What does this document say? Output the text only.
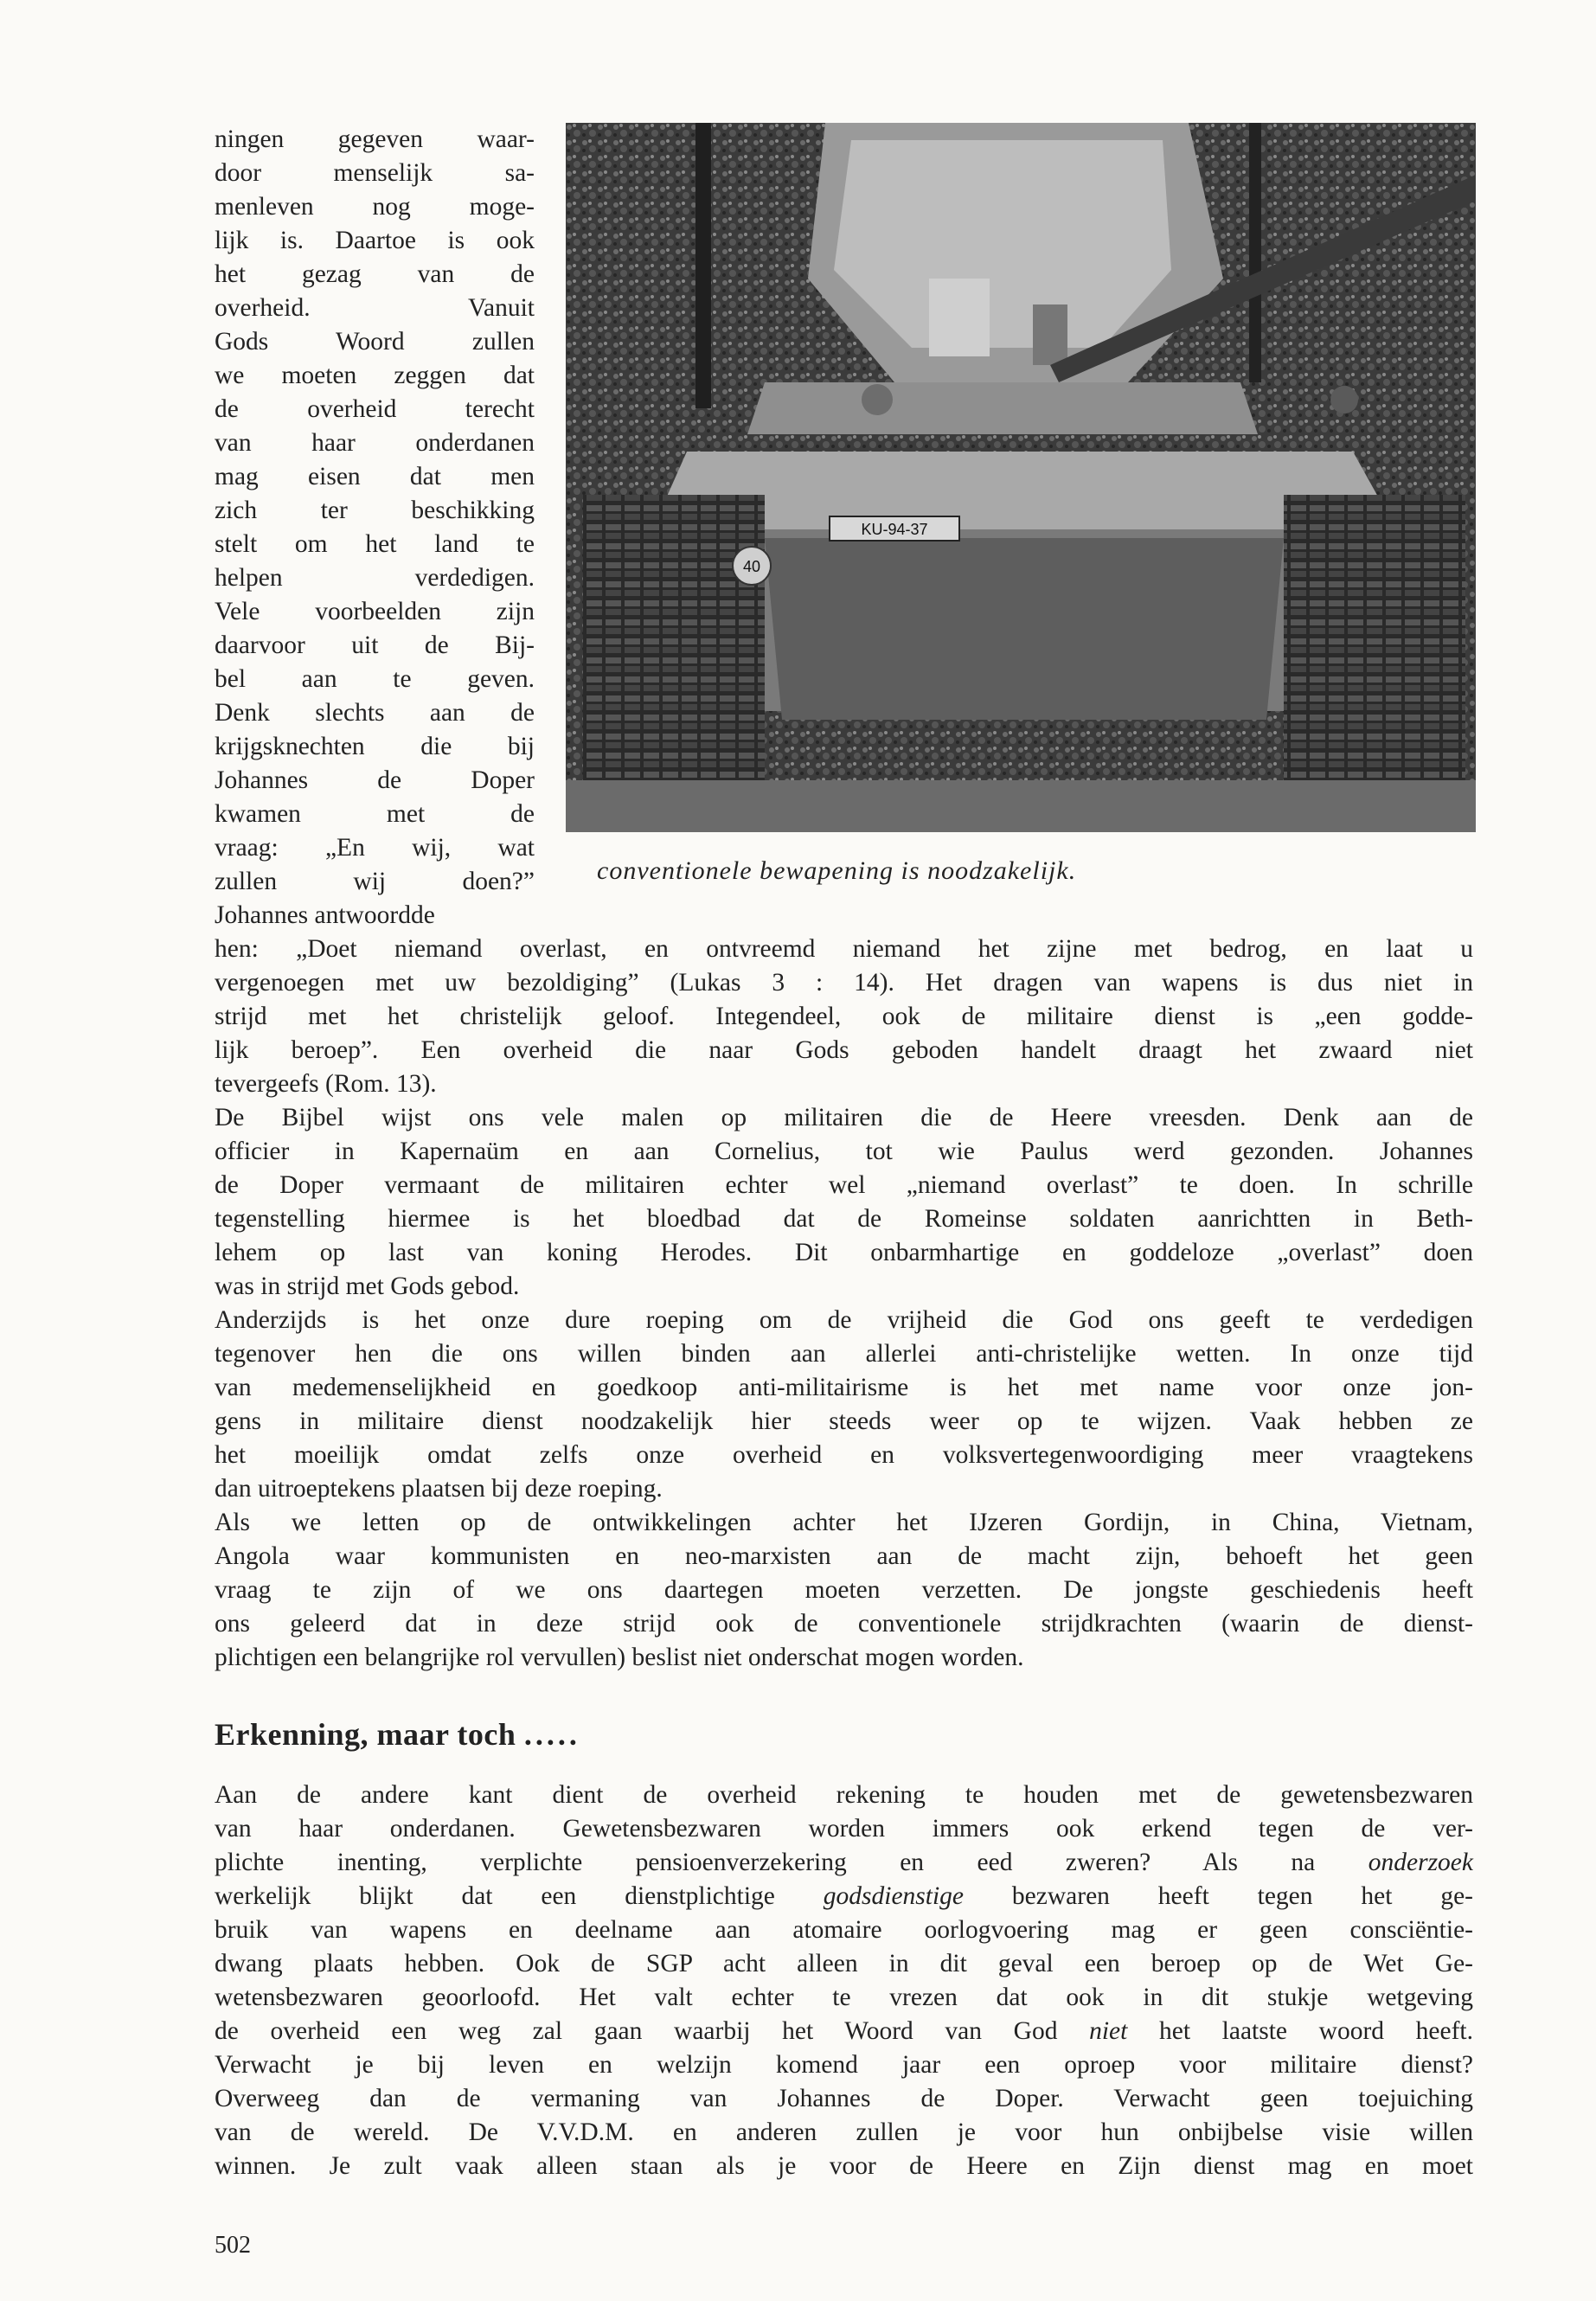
KU-94-37
40
conventionele bewapening is noodzakelijk.
ningen gegeven waar-
door menselijk sa-
menleven nog moge-
lijk is. Daartoe is ook
het gezag van de
overheid. Vanuit
Gods Woord zullen
we moeten zeggen dat
de overheid terecht
van haar onderdanen
mag eisen dat men
zich ter beschikking
stelt om het land te
helpen verdedigen.
Vele voorbeelden zijn
daarvoor uit de Bij-
bel aan te geven.
Denk slechts aan de
krijgsknechten die bij
Johannes de Doper
kwamen met de
vraag: „En wij, wat
zullen wij doen?”
Johannes antwoordde
hen: „Doet niemand overlast, en ontvreemd niemand het zijne met bedrog, en laat u
vergenoegen met uw bezoldiging” (Lukas 3 : 14). Het dragen van wapens is dus niet in
strijd met het christelijk geloof. Integendeel, ook de militaire dienst is „een godde-
lijk beroep”. Een overheid die naar Gods geboden handelt draagt het zwaard niet
tevergeefs (Rom. 13).
De Bijbel wijst ons vele malen op militairen die de Heere vreesden. Denk aan de
officier in Kapernaüm en aan Cornelius, tot wie Paulus werd gezonden. Johannes
de Doper vermaant de militairen echter wel „niemand overlast” te doen. In schrille
tegenstelling hiermee is het bloedbad dat de Romeinse soldaten aanrichtten in Beth-
lehem op last van koning Herodes. Dit onbarmhartige en goddeloze „overlast” doen
was in strijd met Gods gebod.
Anderzijds is het onze dure roeping om de vrijheid die God ons geeft te verdedigen
tegenover hen die ons willen binden aan allerlei anti-christelijke wetten. In onze tijd
van medemenselijkheid en goedkoop anti-militairisme is het met name voor onze jon-
gens in militaire dienst noodzakelijk hier steeds weer op te wijzen. Vaak hebben ze
het moeilijk omdat zelfs onze overheid en volksvertegenwoordiging meer vraagtekens
dan uitroeptekens plaatsen bij deze roeping.
Als we letten op de ontwikkelingen achter het IJzeren Gordijn, in China, Vietnam,
Angola waar kommunisten en neo-marxisten aan de macht zijn, behoeft het geen
vraag te zijn of we ons daartegen moeten verzetten. De jongste geschiedenis heeft
ons geleerd dat in deze strijd ook de conventionele strijdkrachten (waarin de dienst-
plichtigen een belangrijke rol vervullen) beslist niet onderschat mogen worden.
Erkenning, maar toch .....
Aan de andere kant dient de overheid rekening te houden met de gewetensbezwaren
van haar onderdanen. Gewetensbezwaren worden immers ook erkend tegen de ver-
plichte inenting, verplichte pensioenverzekering en eed zweren? Als na onderzoek
werkelijk blijkt dat een dienstplichtige godsdienstige bezwaren heeft tegen het ge-
bruik van wapens en deelname aan atomaire oorlogvoering mag er geen consciëntie-
dwang plaats hebben. Ook de SGP acht alleen in dit geval een beroep op de Wet Ge-
wetensbezwaren geoorloofd. Het valt echter te vrezen dat ook in dit stukje wetgeving
de overheid een weg zal gaan waarbij het Woord van God niet het laatste woord heeft.
Verwacht je bij leven en welzijn komend jaar een oproep voor militaire dienst?
Overweeg dan de vermaning van Johannes de Doper. Verwacht geen toejuiching
van de wereld. De V.V.D.M. en anderen zullen je voor hun onbijbelse visie willen
winnen. Je zult vaak alleen staan als je voor de Heere en Zijn dienst mag en moet
502
